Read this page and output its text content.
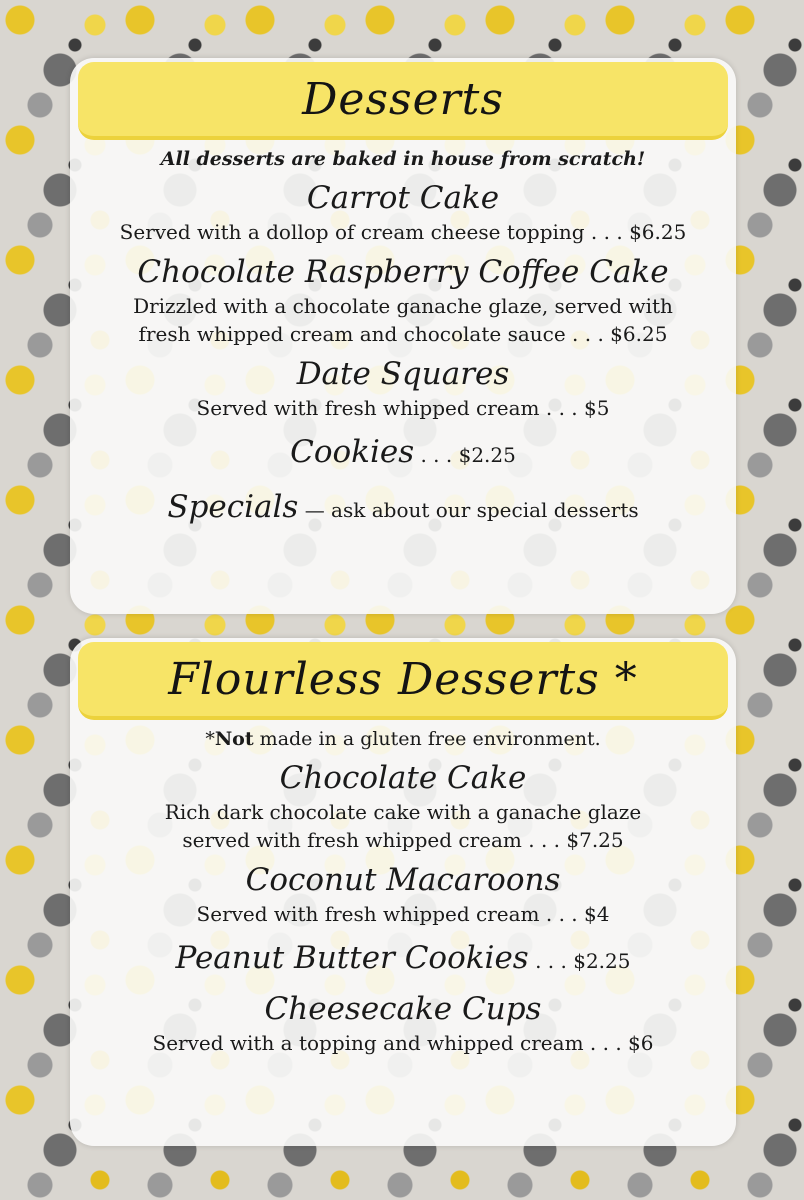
Desserts

All desserts are baked in house from scratch!

Carrot Cake

Served with a dollop of cream cheese topping . . . $6.25

Chocolate Raspberry Coffee Cake

Drizzled with a chocolate ganache glaze, served with

fresh whipped cream and chocolate sauce . . . $6.25

Date Squares

Served with fresh whipped cream . . . $5

Cookies . . . $2.25
Specials — ask about our special desserts
Flourless Desserts *

*Not made in a gluten free environment.

Chocolate Cake

Rich dark chocolate cake with a ganache glaze

served with fresh whipped cream . . . $7.25

Coconut Macaroons

Served with fresh whipped cream . . . $4

Peanut Butter Cookies . . . $2.25
Cheesecake Cups

Served with a topping and whipped cream . . . $6
